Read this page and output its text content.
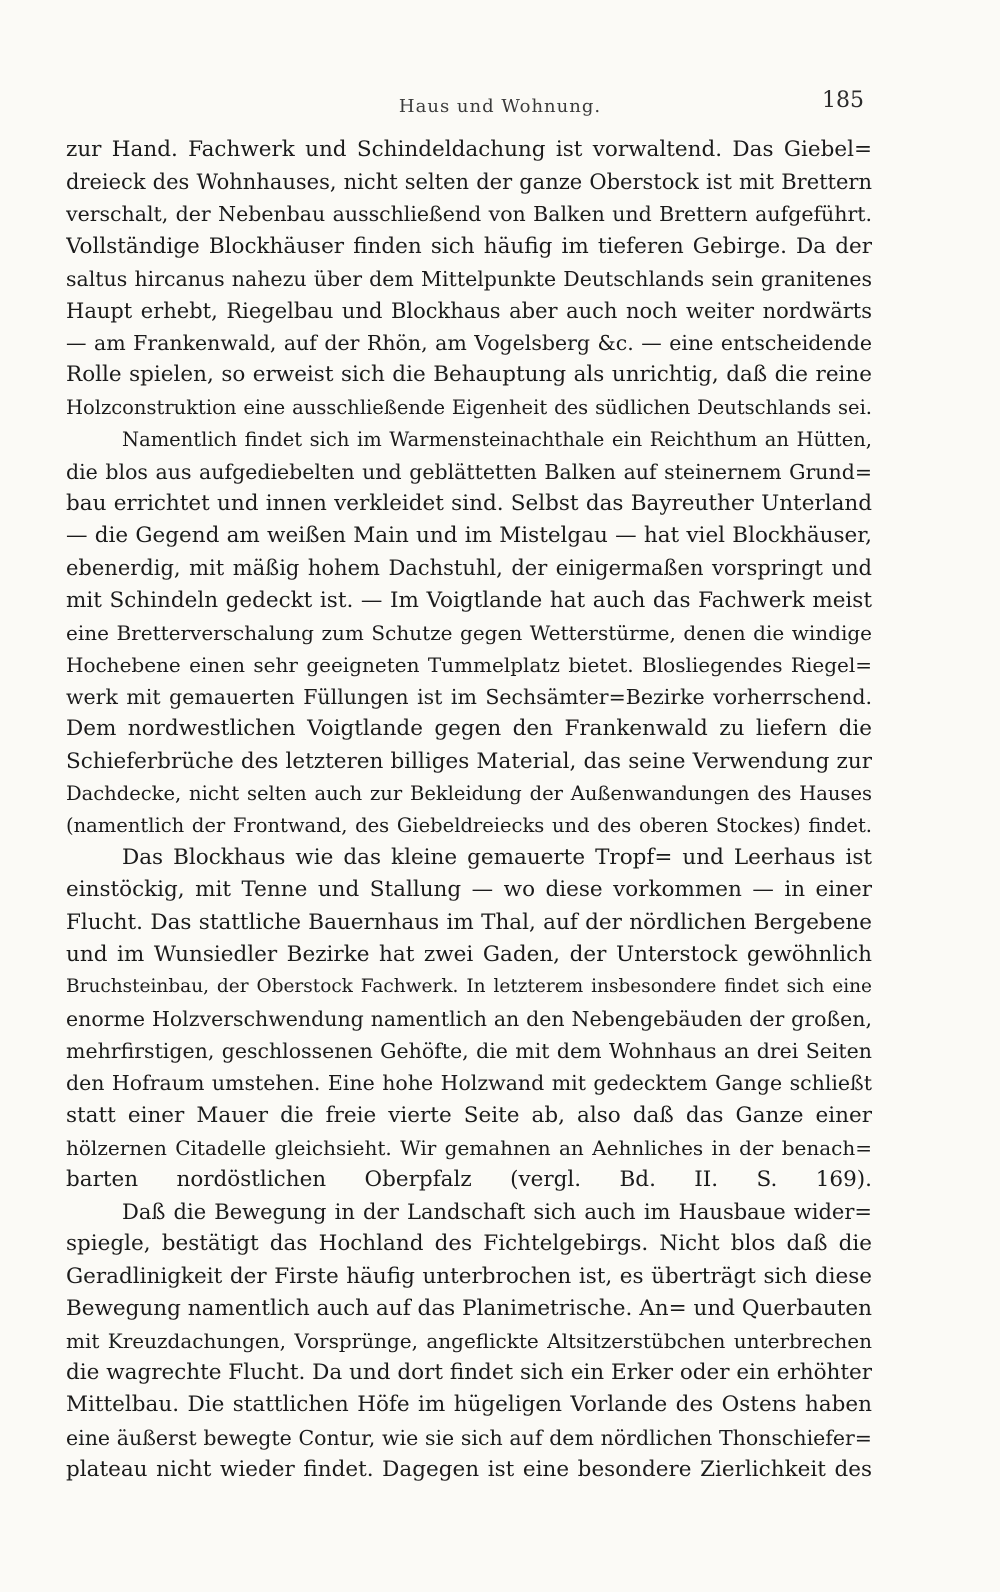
Haus und Wohnung.	185
zur Hand. Fachwerk und Schindeldachung ist vorwaltend. Das Giebel=
dreieck des Wohnhauses, nicht selten der ganze Oberstock ist mit Brettern
verschalt, der Nebenbau ausschließend von Balken und Brettern aufgeführt.
Vollständige Blockhäuser finden sich häufig im tieferen Gebirge. Da der
saltus hircanus nahezu über dem Mittelpunkte Deutschlands sein granitenes
Haupt erhebt, Riegelbau und Blockhaus aber auch noch weiter nordwärts
— am Frankenwald, auf der Rhön, am Vogelsberg &c. — eine entscheidende
Rolle spielen, so erweist sich die Behauptung als unrichtig, daß die reine
Holzconstruktion eine ausschließende Eigenheit des südlichen Deutschlands sei.
Namentlich findet sich im Warmensteinachthale ein Reichthum an Hütten,
die blos aus aufgediebelten und geblättetten Balken auf steinernem Grund=
bau errichtet und innen verkleidet sind. Selbst das Bayreuther Unterland
— die Gegend am weißen Main und im Mistelgau — hat viel Blockhäuser,
ebenerdig, mit mäßig hohem Dachstuhl, der einigermaßen vorspringt und
mit Schindeln gedeckt ist. — Im Voigtlande hat auch das Fachwerk meist
eine Bretterverschalung zum Schutze gegen Wetterstürme, denen die windige
Hochebene einen sehr geeigneten Tummelplatz bietet. Blosliegendes Riegel=
werk mit gemauerten Füllungen ist im Sechsämter=Bezirke vorherrschend.
Dem nordwestlichen Voigtlande gegen den Frankenwald zu liefern die
Schieferbrüche des letzteren billiges Material, das seine Verwendung zur
Dachdecke, nicht selten auch zur Bekleidung der Außenwandungen des Hauses
(namentlich der Frontwand, des Giebeldreiecks und des oberen Stockes) findet.
Das Blockhaus wie das kleine gemauerte Tropf= und Leerhaus ist
einstöckig, mit Tenne und Stallung — wo diese vorkommen — in einer
Flucht. Das stattliche Bauernhaus im Thal, auf der nördlichen Bergebene
und im Wunsiedler Bezirke hat zwei Gaden, der Unterstock gewöhnlich
Bruchsteinbau, der Oberstock Fachwerk. In letzterem insbesondere findet sich eine
enorme Holzverschwendung namentlich an den Nebengebäuden der großen,
mehrfirstigen, geschlossenen Gehöfte, die mit dem Wohnhaus an drei Seiten
den Hofraum umstehen. Eine hohe Holzwand mit gedecktem Gange schließt
statt einer Mauer die freie vierte Seite ab, also daß das Ganze einer
hölzernen Citadelle gleichsieht. Wir gemahnen an Aehnliches in der benach=
barten nordöstlichen Oberpfalz (vergl. Bd. II. S. 169).
Daß die Bewegung in der Landschaft sich auch im Hausbaue wider=
spiegle, bestätigt das Hochland des Fichtelgebirgs. Nicht blos daß die
Geradlinigkeit der Firste häufig unterbrochen ist, es überträgt sich diese
Bewegung namentlich auch auf das Planimetrische. An= und Querbauten
mit Kreuzdachungen, Vorsprünge, angeflickte Altsitzerstübchen unterbrechen
die wagrechte Flucht. Da und dort findet sich ein Erker oder ein erhöhter
Mittelbau. Die stattlichen Höfe im hügeligen Vorlande des Ostens haben
eine äußerst bewegte Contur, wie sie sich auf dem nördlichen Thonschiefer=
plateau nicht wieder findet. Dagegen ist eine besondere Zierlichkeit des
